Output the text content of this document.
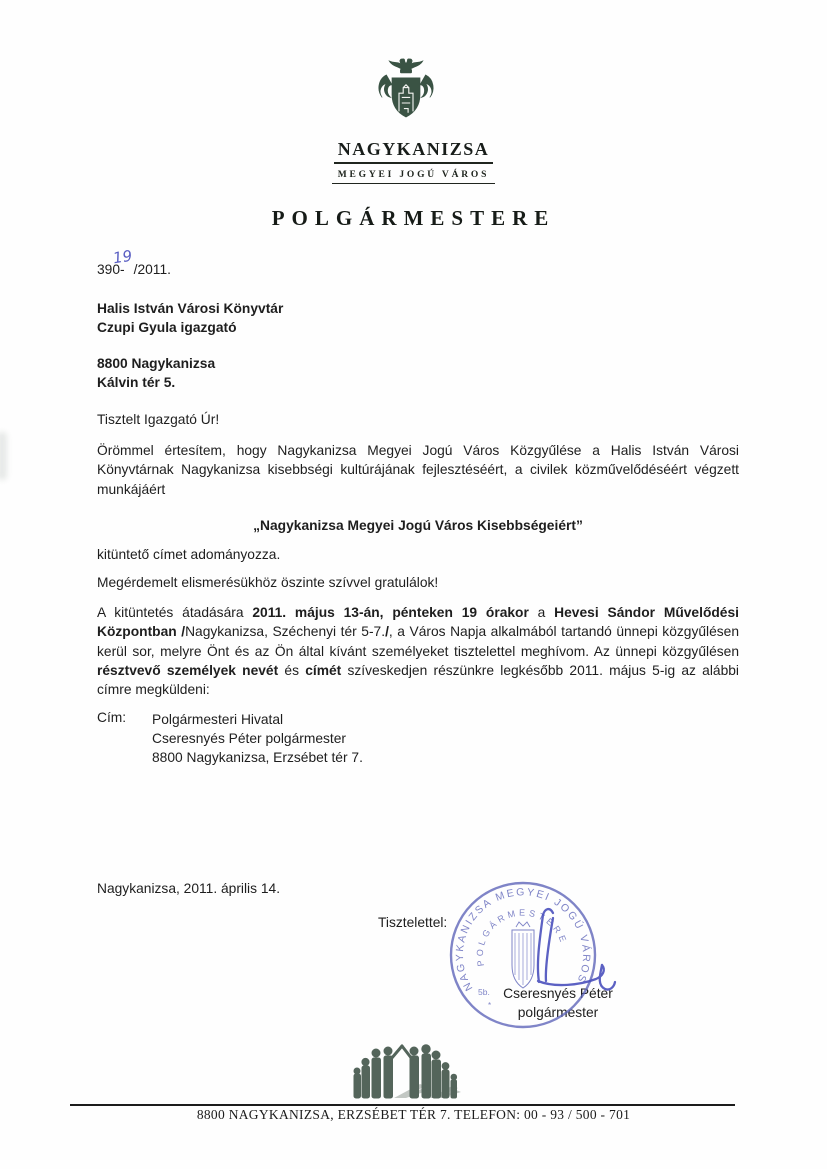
NAGYKANIZSA
MEGYEI JOGÚ VÁROS
POLGÁRMESTERE
390- /2011.
19
Halis István Városi Könyvtár
Czupi Gyula igazgató
8800 Nagykanizsa
Kálvin tér 5.
Tisztelt Igazgató Úr!
Örömmel értesítem, hogy Nagykanizsa Megyei Jogú Város Közgyűlése a Halis István Városi Könyvtárnak Nagykanizsa kisebbségi kultúrájának fejlesztéséért, a civilek közművelődéséért végzett munkájáért
„Nagykanizsa Megyei Jogú Város Kisebbségeiért”
kitüntető címet adományozza.
Megérdemelt elismerésükhöz öszinte szívvel gratulálok!
A kitüntetés átadására 2011. május 13-án, pénteken 19 órakor a Hevesi Sándor Művelődési Központban /Nagykanizsa, Széchenyi tér 5-7./, a Város Napja alkalmából tartandó ünnepi közgyűlésen kerül sor, melyre Önt és az Ön által kívánt személyeket tisztelettel meghívom. Az ünnepi közgyűlésen résztvevő személyek nevét és címét szíveskedjen részünkre legkésőbb 2011. május 5-ig az alábbi címre megküldeni:
Cím: Polgármesteri Hivatal
Cseresnyés Péter polgármester
8800 Nagykanizsa, Erzsébet tér 7.
Nagykanizsa, 2011. április 14.
Tisztelettel:
Cseresnyés Péter
polgármester
NAGYKANIZSA MEGYEI JOGÚ VÁROS
POLGÁRMESTERE
5b.
*
8800 NAGYKANIZSA, ERZSÉBET TÉR 7. TELEFON: 00 - 93 / 500 - 701
